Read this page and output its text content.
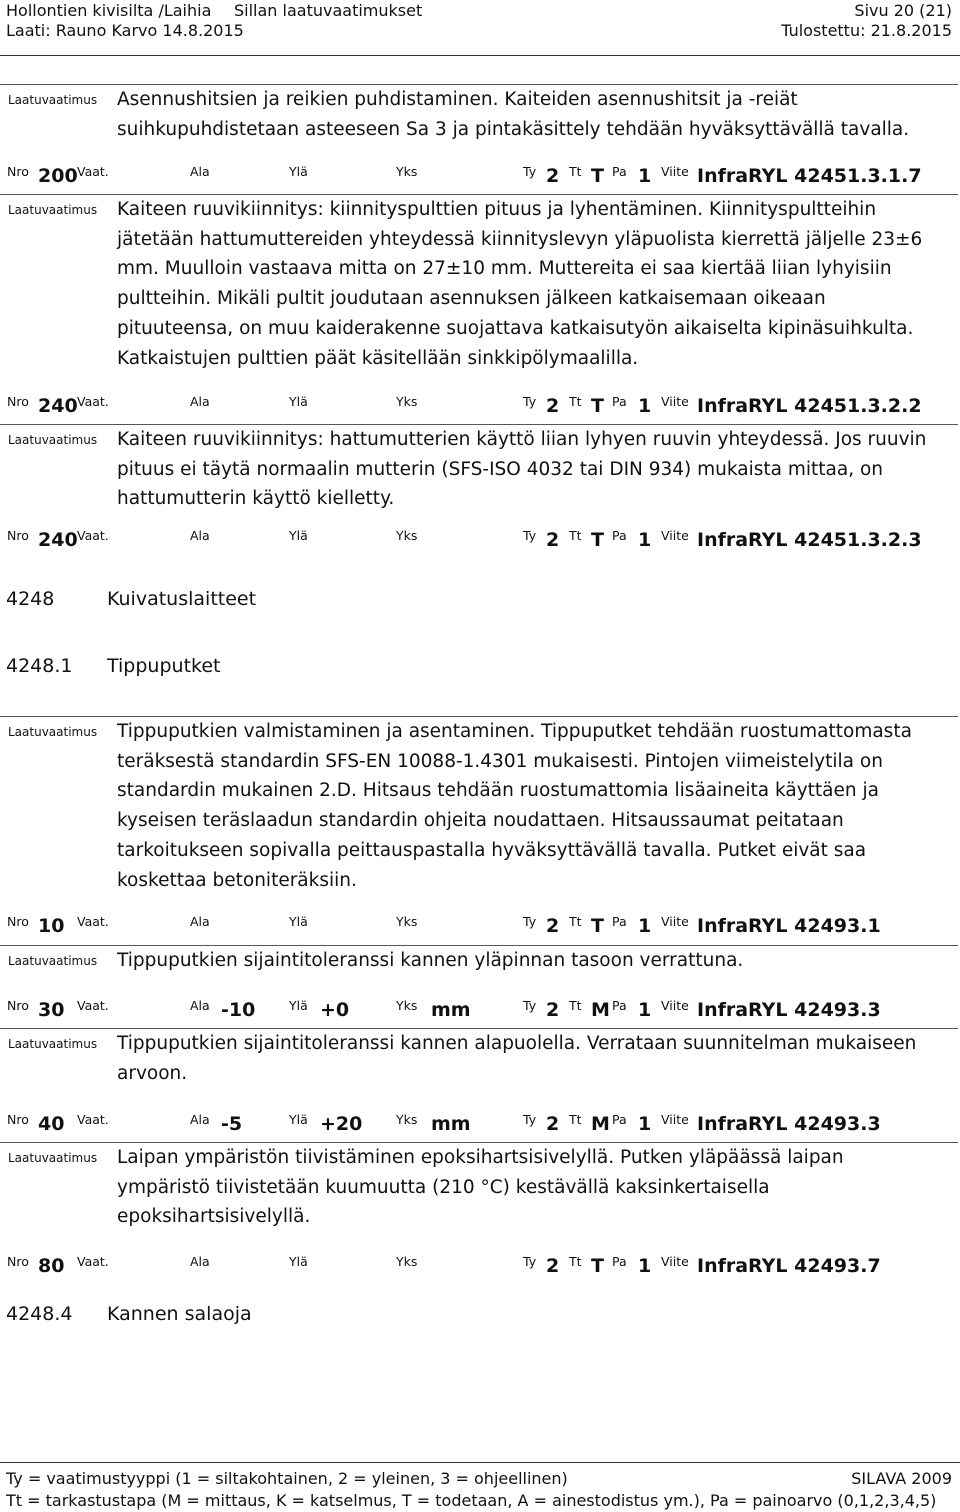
Hollontien kivisilta /Laihia Sillan laatuvaatimukset	Sivu 20 (21)
Laati: Rauno Karvo 14.8.2015	Tulostettu: 21.8.2015
Laatuvaatimus Asennushitsien ja reikien puhdistaminen. Kaiteiden asennushitsit ja -reiät
suihkupuhdistetaan asteeseen Sa 3 ja pintakäsittely tehdään hyväksyttävällä tavalla.
Nro 200 Vaat.	Ala	Ylä	Yks	Ty 2 Tt T Pa 1 Viite InfraRYL 42451.3.1.7
Laatuvaatimus Kaiteen ruuvikiinnitys: kiinnityspulttien pituus ja lyhentäminen. Kiinnityspultteihin
jätetään hattumuttereiden yhteydessä kiinnityslevyn yläpuolista kierrettä jäljelle 23±6
mm. Muulloin vastaava mitta on 27±10 mm. Muttereita ei saa kiertää liian lyhyisiin
pultteihin. Mikäli pultit joudutaan asennuksen jälkeen katkaisemaan oikeaan
pituuteensa, on muu kaiderakenne suojattava katkaisutyön aikaiselta kipinäsuihkulta.
Katkaistujen pulttien päät käsitellään sinkkipölymaalilla.
Nro 240 Vaat.	Ala	Ylä	Yks	Ty 2 Tt T Pa 1 Viite InfraRYL 42451.3.2.2
Laatuvaatimus Kaiteen ruuvikiinnitys: hattumutterien käyttö liian lyhyen ruuvin yhteydessä. Jos ruuvin
pituus ei täytä normaalin mutterin (SFS-ISO 4032 tai DIN 934) mukaista mittaa, on
hattumutterin käyttö kielletty.
Nro 240 Vaat.	Ala	Ylä	Yks	Ty 2 Tt T Pa 1 Viite InfraRYL 42451.3.2.3
4248	Kuivatuslaitteet
4248.1 Tippuputket
Laatuvaatimus Tippuputkien valmistaminen ja asentaminen. Tippuputket tehdään ruostumattomasta
teräksestä standardin SFS-EN 10088-1.4301 mukaisesti. Pintojen viimeistelytila on
standardin mukainen 2.D. Hitsaus tehdään ruostumattomia lisäaineita käyttäen ja
kyseisen teräslaadun standardin ohjeita noudattaen. Hitsaussaumat peitataan
tarkoitukseen sopivalla peittauspastalla hyväksyttävällä tavalla. Putket eivät saa
koskettaa betoniteräksiin.
Nro 10 Vaat.	Ala	Ylä	Yks	Ty 2 Tt T Pa 1 Viite InfraRYL 42493.1
Laatuvaatimus Tippuputkien sijaintitoleranssi kannen yläpinnan tasoon verrattuna.
Nro 30 Vaat.	Ala -10	Ylä +0	Yks mm	Ty 2 Tt M Pa 1 Viite InfraRYL 42493.3
Laatuvaatimus Tippuputkien sijaintitoleranssi kannen alapuolella. Verrataan suunnitelman mukaiseen
arvoon.
Nro 40 Vaat.	Ala -5	Ylä +20	Yks mm	Ty 2 Tt M Pa 1 Viite InfraRYL 42493.3
Laatuvaatimus Laipan ympäristön tiivistäminen epoksihartsisivelyllä. Putken yläpäässä laipan
ympäristö tiivistetään kuumuutta (210 °C) kestävällä kaksinkertaisella
epoksihartsisivelyllä.
Nro 80 Vaat.	Ala	Ylä	Yks	Ty 2 Tt T Pa 1 Viite InfraRYL 42493.7
4248.4 Kannen salaoja
Ty = vaatimustyyppi (1 = siltakohtainen, 2 = yleinen, 3 = ohjeellinen)	SILAVA 2009
Tt = tarkastustapa (M = mittaus, K = katselmus, T = todetaan, A = ainestodistus ym.), Pa = painoarvo (0,1,2,3,4,5)
